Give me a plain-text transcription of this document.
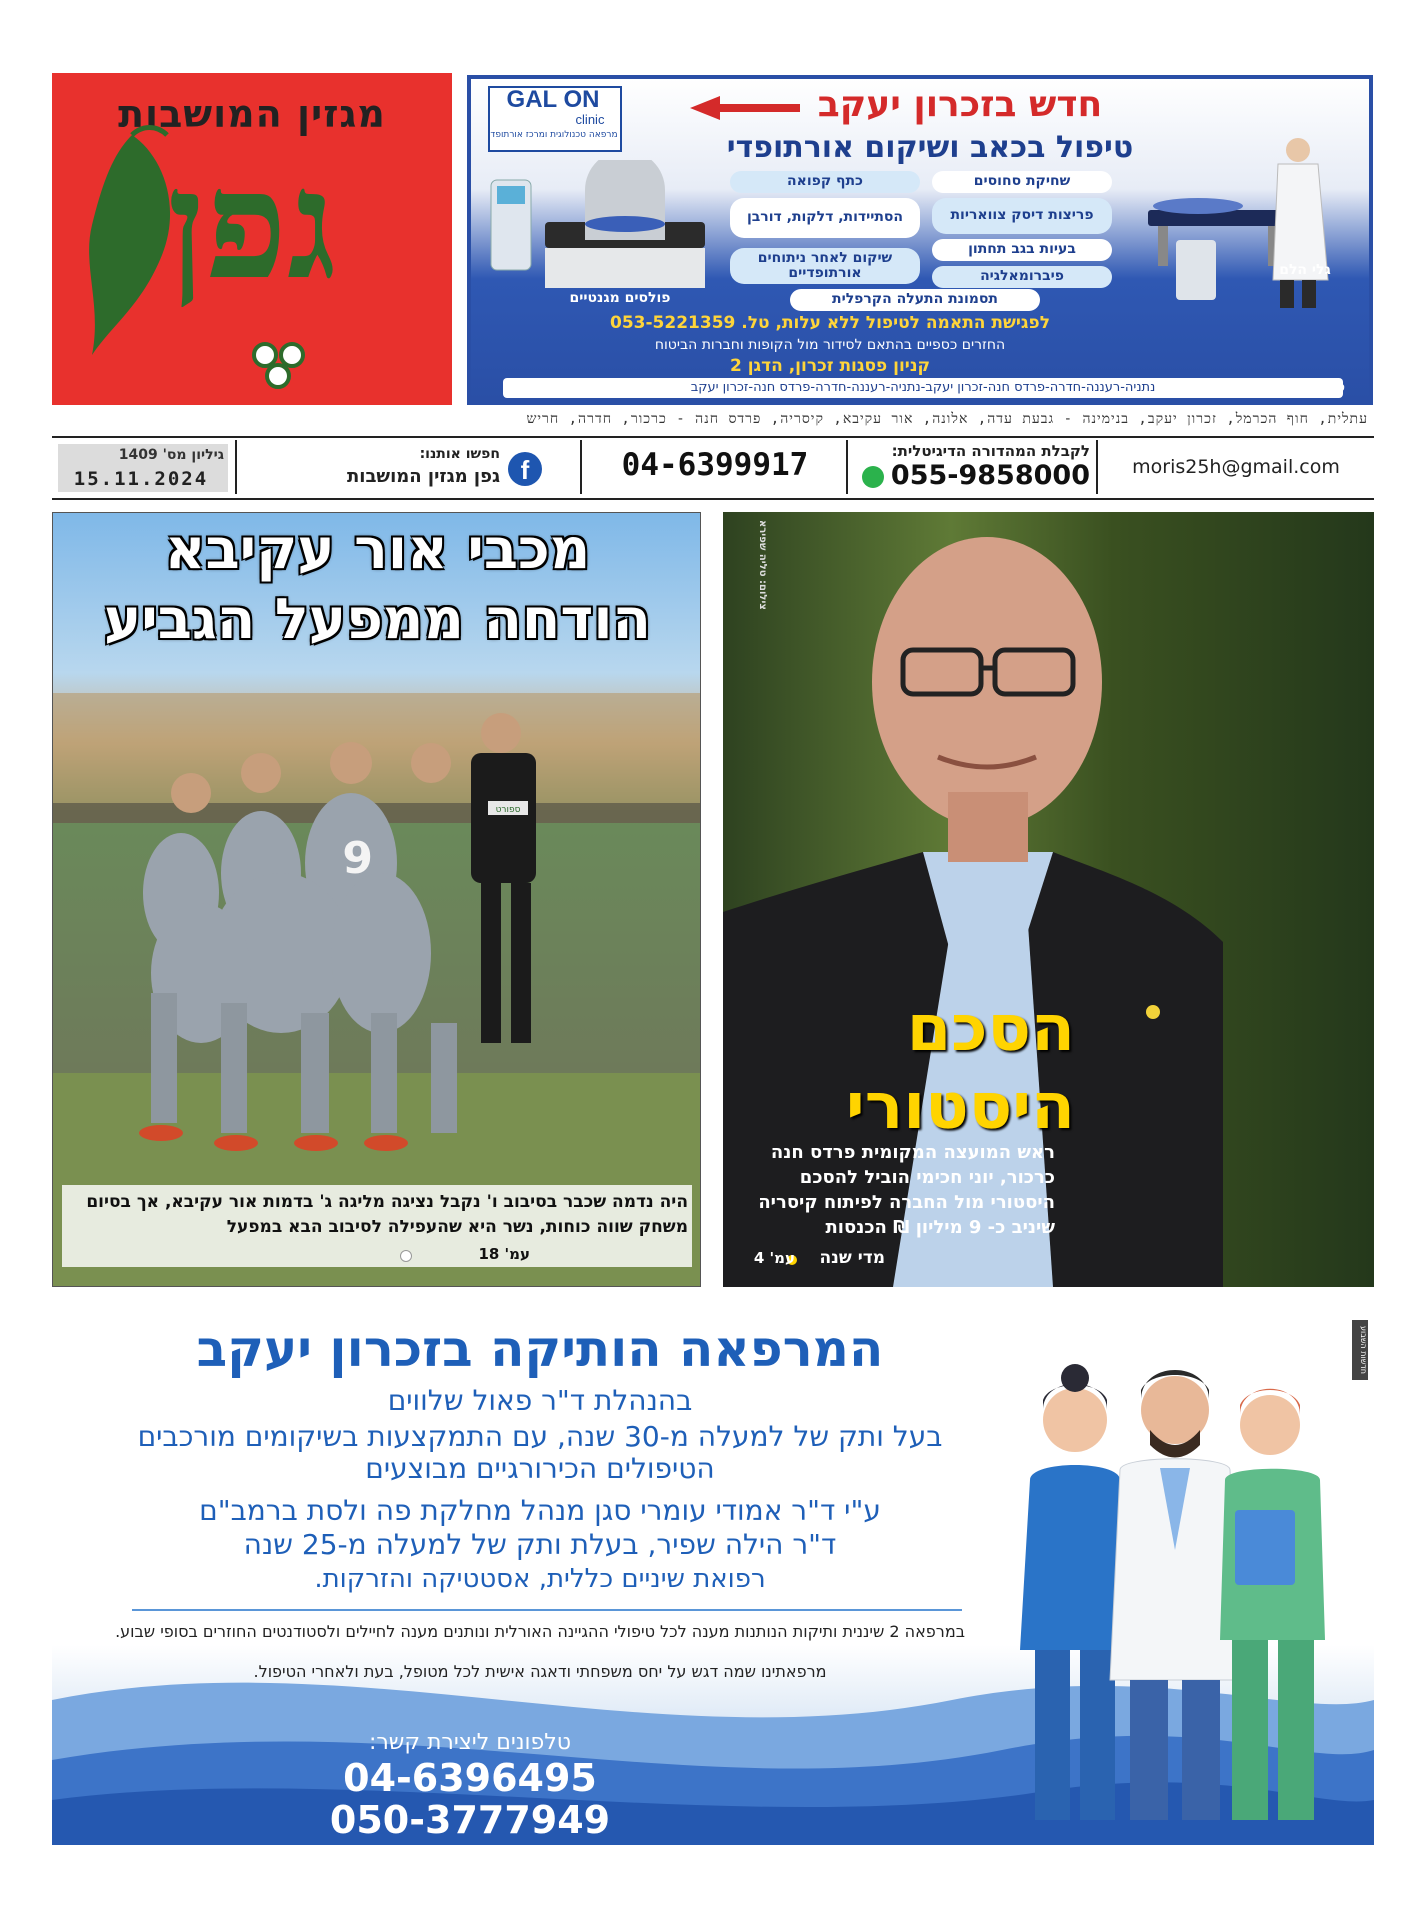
מגזין המושבות
גפן
GAL ON
clinic
מרפאה טכנולוגית ומרכז אורתופדי
חדש בזכרון יעקב
טיפול בכאב ושיקום אורתופדי
שחיקת סחוסים
כתף קפואה
פריצות דיסק צוואריות
הסתיידות, דלקות, דורבן
בעיות בגב תחתון
שיקום לאחר ניתוחים אורתופדיים	פיברומאלגיה
תסמונת התעלה הקרפלית
פולסים מגנטיים
גלי הלם
לפגישת התאמה לטיפול ללא עלות, טל. 053-5221359
החזרים כספיים בהתאם לסידור מול הקופות וחברות הביטוח
קניון פסגות זכרון, הדגן 2
נתניה-רעננה-חדרה-פרדס חנה-זכרון יעקב-נתניה-רעננה-חדרה-פרדס חנה-זכרון יעקב	סניפים:
עתלית, חוף הכרמל, זכרון יעקב, בנימינה - גבעת עדה, אלונה, אור עקיבא, קיסריה, פרדס חנה - כרכור, חדרה, חריש
גיליון מס' 1409
15.11.2024
חפשו אותנו:
גפן מגזין המושבות f	04-6399917	לקבלת המהדורה הדיגיטלית:
055-9858000	moris25h@gmail.com
9
ספורט
מכבי אור עקיבא
הודחה ממפעל הגביע
היה נדמה שכבר בסיבוב ו' נקבל נציגה מליגה ג' בדמות אור עקיבא, אך בסיום משחק שווה כוחות, נשר היא שהעפילה לסיבוב הבא במפעל
עמ' 18
צילום: טליה שפירא
הסכם
היסטורי
ראש המועצה המקומית פרדס חנה כרכור, יוני חכימי הוביל להסכם היסטורי מול החברה לפיתוח קיסריה שיניב כ- 9 מיליון ₪ הכנסות
מדי שנה
עמ' 4
המרפאה הותיקה בזכרון יעקב
בהנהלת ד"ר פאול שלווים
בעל ותק של למעלה מ-30 שנה, עם התמקצעות בשיקומים מורכבים
הטיפולים הכירורגיים מבוצעים
ע"י ד"ר אמודי עומרי סגן מנהל מחלקת פה ולסת ברמב"ם
ד"ר הילה שפיר, בעלת ותק של למעלה מ-25 שנה
רפואת שיניים כללית, אסטטיקה והזרקות.
במרפאה 2 שיננית ותיקות הנותנות מענה לכל טיפולי ההגיינה האורלית ונותנים מענה לחיילים ולסטודנטים החוזרים בסופי שבוע.
מרפאתינו שמה דגש על יחס משפחתי ודאגה אישית לכל מטופל, בעת ולאחרי הטיפול.
טלפונים ליצירת קשר:
04-6396495
050-3777949
חדשות השבוע
